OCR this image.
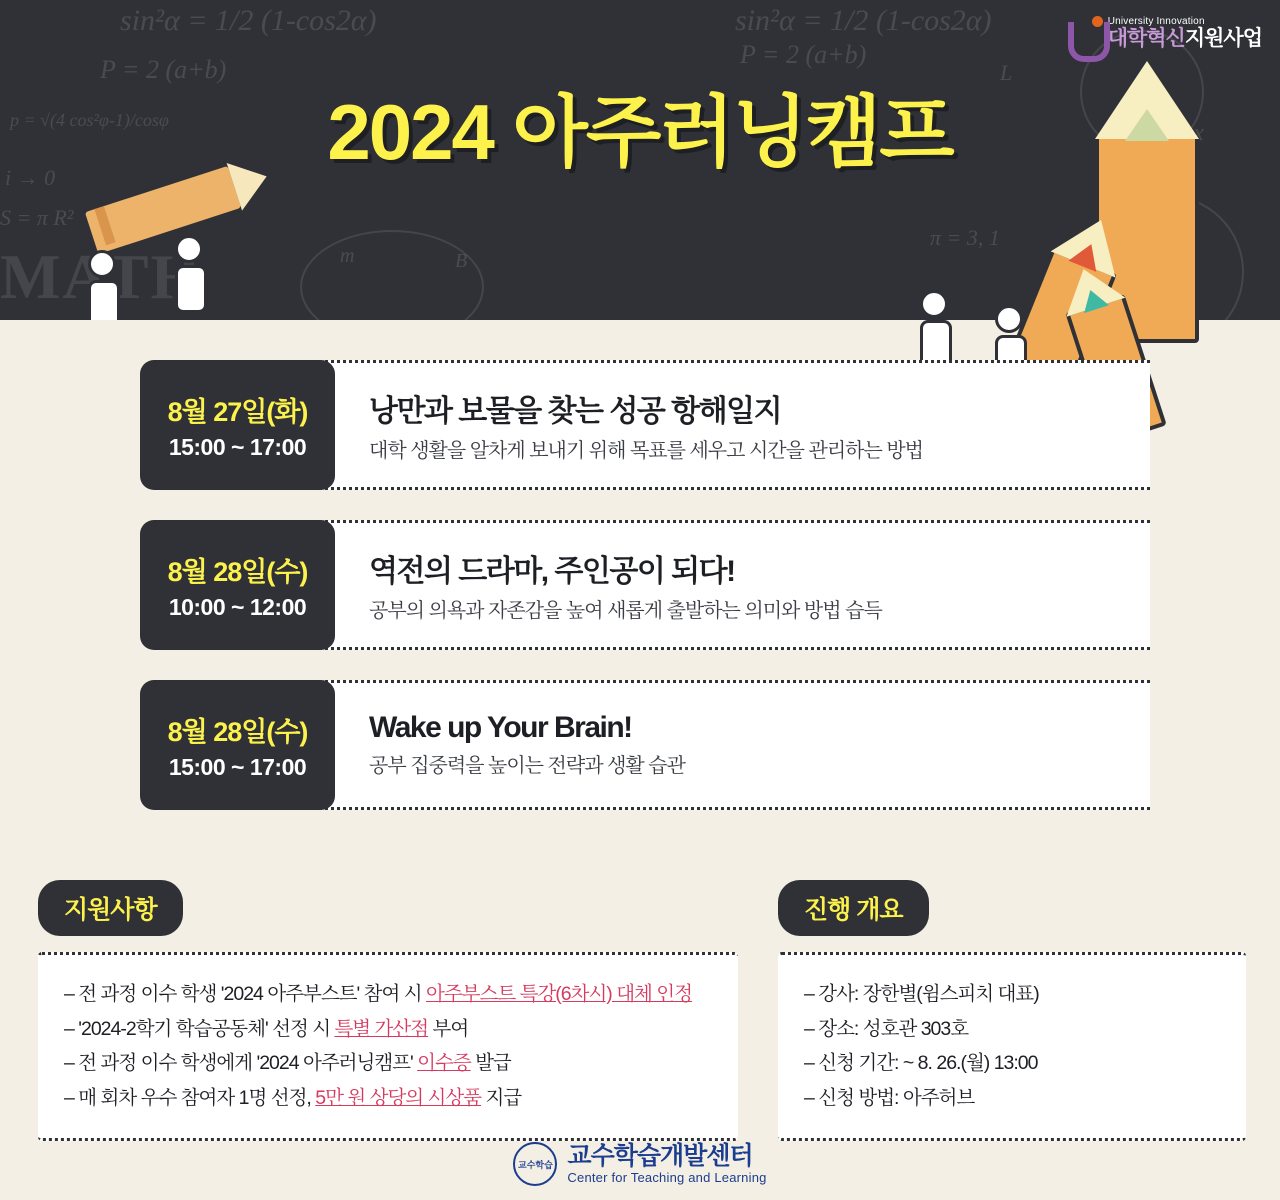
sin²α = 1/2 (1-cos2α)
P = 2 (a+b)
p = √(4 cos²φ-1)/cosφ
i → 0
S = π R²
sin²α = 1/2 (1-cos2α)
P = 2 (a+b)
π = 3, 1
x | x
m	B
L
2024 아주러닝캠프
University Innovation
대학혁신지원사업
8월 27일(화)
15:00 ~ 17:00
낭만과 보물을 찾는 성공 항해일지
대학 생활을 알차게 보내기 위해 목표를 세우고 시간을 관리하는 방법
8월 28일(수)
10:00 ~ 12:00
역전의 드라마, 주인공이 되다!
공부의 의욕과 자존감을 높여 새롭게 출발하는 의미와 방법 습득
8월 28일(수)
15:00 ~ 17:00
Wake up Your Brain!
공부 집중력을 높이는 전략과 생활 습관
지원사항
– 전 과정 이수 학생 '2024 아주부스트' 참여 시 아주부스트 특강(6차시) 대체 인정
– '2024-2학기 학습공동체' 선정 시 특별 가산점 부여
– 전 과정 이수 학생에게 '2024 아주러닝캠프' 이수증 발급
– 매 회차 우수 참여자 1명 선정, 5만 원 상당의 시상품 지급
진행 개요
– 강사: 장한별(윔스피치 대표)
– 장소: 성호관 303호
– 신청 기간: ~ 8. 26.(월) 13:00
– 신청 방법: 아주허브
교수학습 교수학습개발센터
Center for Teaching and Learning
